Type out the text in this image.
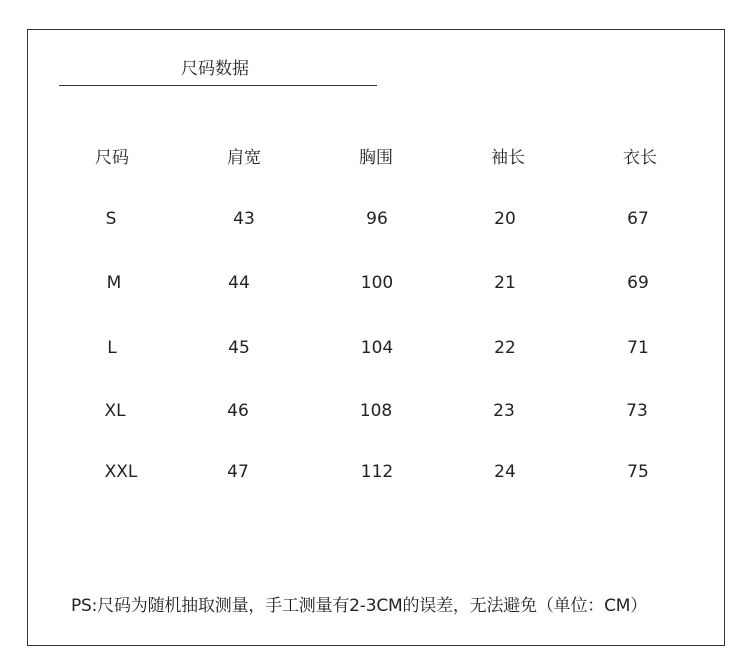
尺码数据
尺码	肩宽	胸围	袖长	衣长
S	43	96	20	67
M	44	100	21	69
L	45	104	22	71
XL	46	108	23	73
XXL	47	112	24	75
PS:尺码为随机抽取测量，手工测量有2-3CM的误差，无法避免（单位：CM）
